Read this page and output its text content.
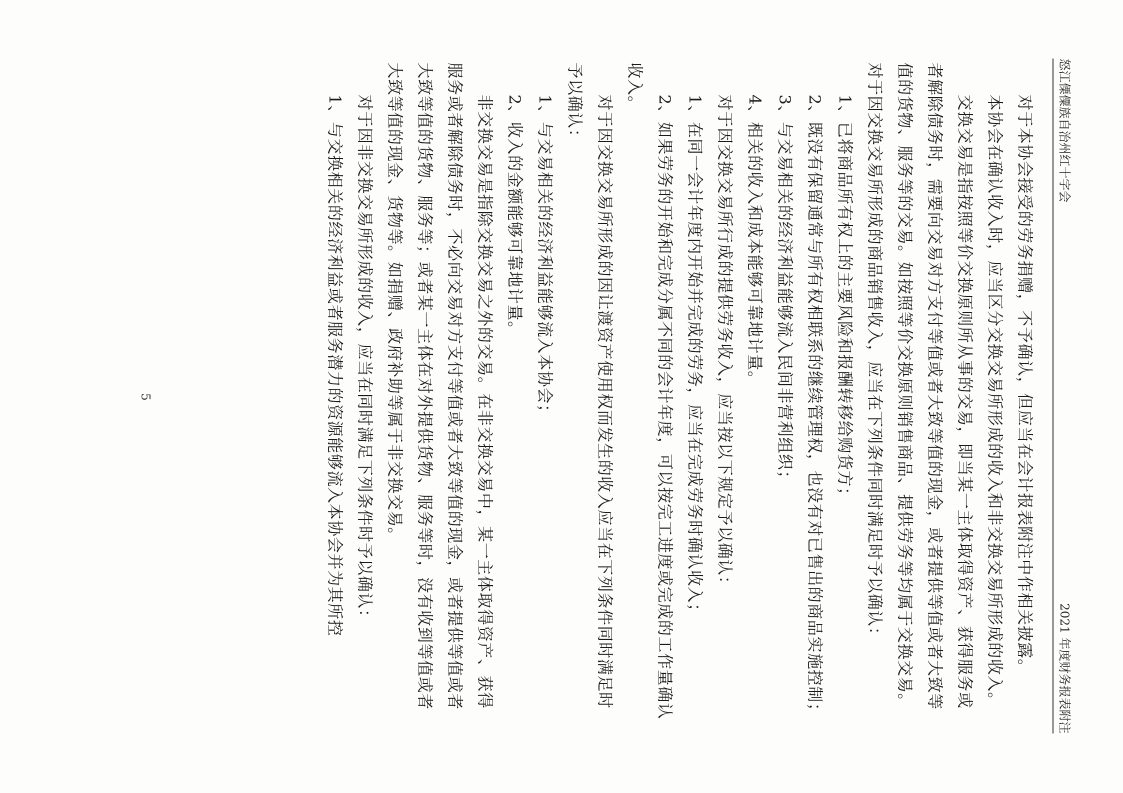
怒江傈僳族自治州红十字会
2021 年度财务报表附注

对于本协会接受的劳务捐赠，不予确认，但应当在会计报表附注中作相关披露。

本协会在确认收入时，应当区分交换交易所形成的收入和非交换交易所形成的收入。

交换交易是指按照等价交换原则所从事的交易，即当某一主体取得资产、获得服务或者解除债务时，需要向交易对方支付等值或者大致等值的现金，或者提供等值或者大致等值的货物、服务等的交易。如按照等价交换原则销售商品、提供劳务等均属于交换交易。对于因交换交易所形成的商品销售收入，应当在下列条件同时满足时予以确认：

1、已将商品所有权上的主要风险和报酬转移给购货方；

2、既没有保留通常与所有权相联系的继续管理权，也没有对已售出的商品实施控制；

3、与交易相关的经济利益能够流入民间非营利组织；

4、相关的收入和成本能够可靠地计量。

对于因交换交易所行成的提供劳务收入，应当按以下规定予以确认：

1、在同一会计年度内开始并完成的劳务，应当在完成劳务时确认收入；

2、如果劳务的开始和完成分属不同的会计年度，可以按完工进度或完成的工作量确认收入。

对于因交换交易所形成的因让渡资产使用权而发生的收入应当在下列条件同时满足时予以确认：

1、与交易相关的经济利益能够流入本协会；

2、收入的金额能够可靠地计量。

非交换交易是指除交换交易之外的交易。在非交换交易中，某一主体取得资产、获得服务或者解除债务时，不必向交易对方支付等值或者大致等值的现金，或者提供等值或者大致等值的货物、服务等；或者某一主体在对外提供货物、服务等时，没有收到等值或者大致等值的现金、货物等。如捐赠、政府补助等属于非交换交易。

对于因非交换交易所形成的收入，应当在同时满足下列条件时予以确认：

1、与交换相关的经济利益或者服务潜力的资源能够流入本协会并为其所控

5
